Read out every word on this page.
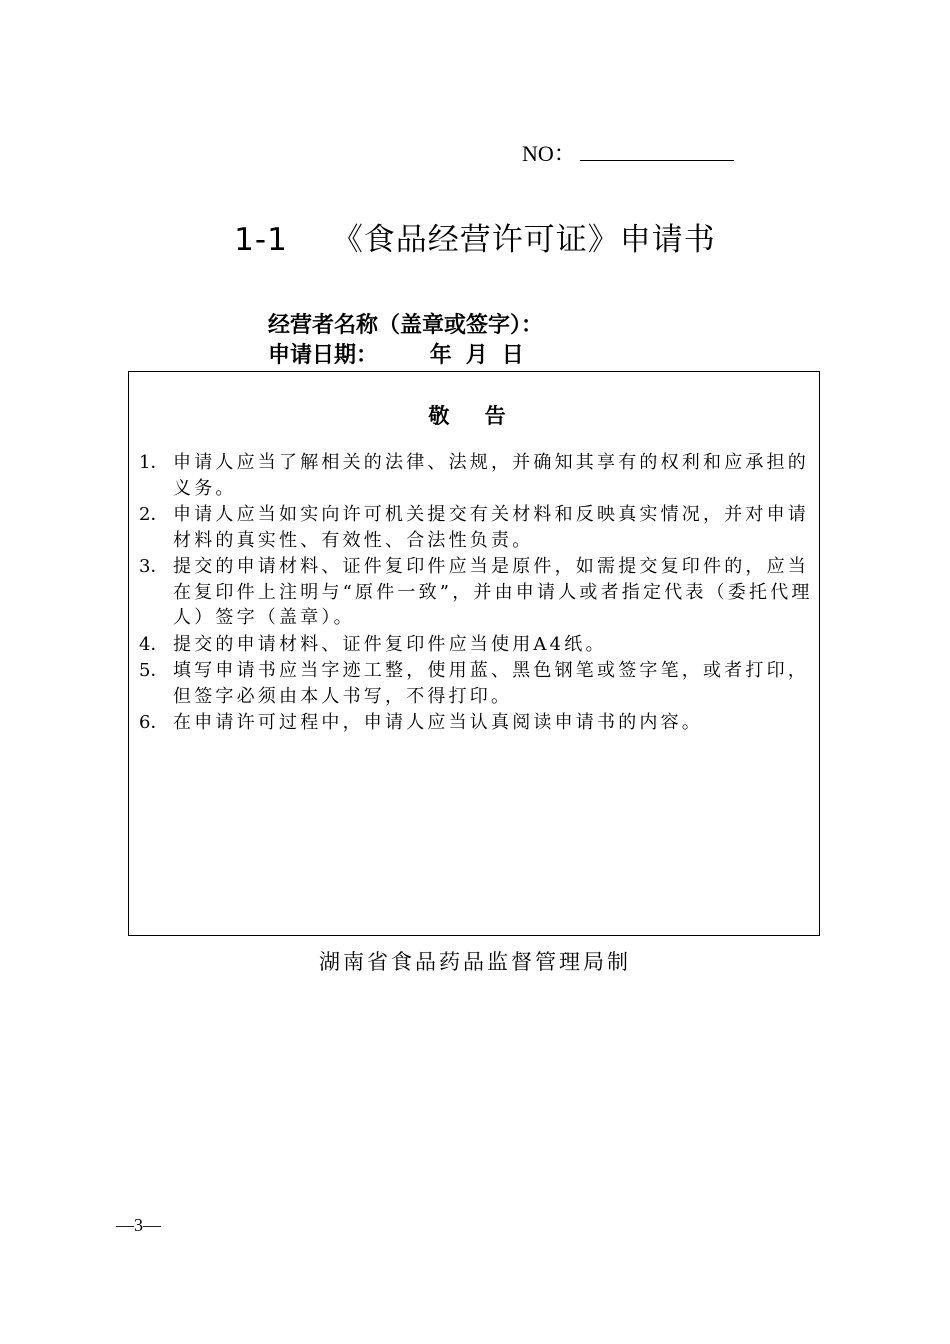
NO：
1-1 《食品经营许可证》申请书
经营者名称（盖章或签字）：
申请日期： 年 月 日
敬 告
1． 申请人应当了解相关的法律、法规，并确知其享有的权利和应承担的义务。
2． 申请人应当如实向许可机关提交有关材料和反映真实情况，并对申请材料的真实性、有效性、合法性负责。
3． 提交的申请材料、证件复印件应当是原件，如需提交复印件的，应当在复印件上注明与“原件一致”，并由申请人或者指定代表（委托代理人）签字（盖章）。
4． 提交的申请材料、证件复印件应当使用A4纸。
5． 填写申请书应当字迹工整，使用蓝、黑色钢笔或签字笔，或者打印，但签字必须由本人书写，不得打印。
6． 在申请许可过程中，申请人应当认真阅读申请书的内容。
湖南省食品药品监督管理局制
—3—
